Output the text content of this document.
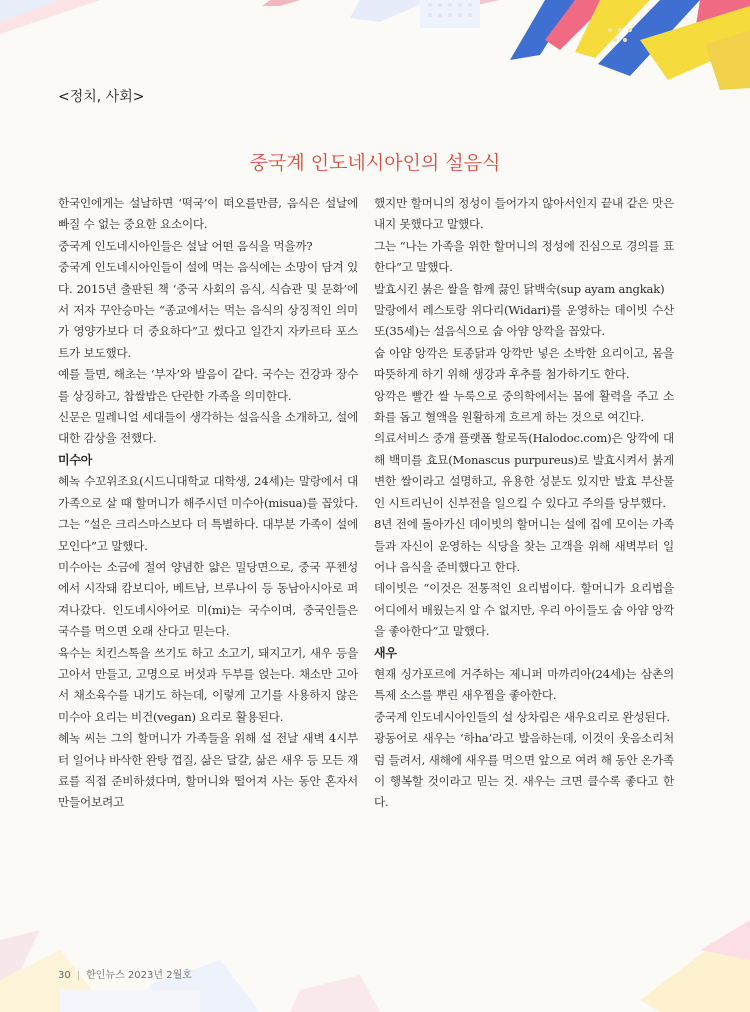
<정치, 사회>
중국계 인도네시아인의 설음식

한국인에게는 설날하면 ‘떡국’이 떠오를만큼, 음식은 설날에 빠질 수 없는 중요한 요소이다.

중국계 인도네시아인들은 설날 어떤 음식을 먹을까?

중국계 인도네시아인들이 설에 먹는 음식에는 소망이 담겨 있다. 2015년 출판된 책 ‘중국 사회의 음식, 식습관 및 문화’에서 저자 꾸안승마는 “종교에서는 먹는 음식의 상징적인 의미가 영양가보다 더 중요하다”고 썼다고 일간지 자카르타 포스트가 보도했다.

예를 들면, 해초는 ‘부자’와 발음이 같다. 국수는 건강과 장수를 상징하고, 찹쌀밥은 단란한 가족을 의미한다.

신문은 밀레니얼 세대들이 생각하는 설음식을 소개하고, 설에 대한 감상을 전했다.

미수아

혜녹 수꼬위조요(시드니대학교 대학생, 24세)는 말랑에서 대가족으로 살 때 할머니가 해주시던 미수아(misua)를 꼽았다. 그는 “설은 크리스마스보다 더 특별하다. 대부분 가족이 설에 모인다”고 말했다.

미수아는 소금에 절여 양념한 얇은 밀당면으로, 중국 푸첸성에서 시작돼 캄보디아, 베트남, 브루나이 등 동남아시아로 퍼져나갔다. 인도네시아어로 미(mi)는 국수이며, 중국인들은 국수를 먹으면 오래 산다고 믿는다.

육수는 치킨스톡을 쓰기도 하고 소고기, 돼지고기, 새우 등을 고아서 만들고, 고명으로 버섯과 두부를 얹는다. 채소만 고아서 채소육수를 내기도 하는데, 이렇게 고기를 사용하지 않은 미수아 요리는 비건(vegan) 요리로 활용된다.

혜녹 씨는 그의 할머니가 가족들을 위해 설 전날 새벽 4시부터 일어나 바삭한 완탕 껍질, 삶은 달걀, 삶은 새우 등 모든 재료를 직접 준비하셨다며, 할머니와 떨어져 사는 동안 혼자서 만들어보려고

했지만 할머니의 정성이 들어가지 않아서인지 끝내 같은 맛은 내지 못했다고 말했다.

그는 “나는 가족을 위한 할머니의 정성에 진심으로 경의를 표한다”고 말했다.

발효시킨 붉은 쌀을 함께 끓인 닭백숙(sup ayam angkak)

말랑에서 레스토랑 위다리(Widari)를 운영하는 데이빗 수산또(35세)는 설음식으로 숩 아얌 앙깍을 꼽았다.

숩 아얌 앙깍은 토종닭과 앙깍만 넣은 소박한 요리이고, 몸을 따뜻하게 하기 위해 생강과 후추를 첨가하기도 한다.

앙깍은 빨간 쌀 누룩으로 중의학에서는 몸에 활력을 주고 소화를 돕고 혈액을 원활하게 흐르게 하는 것으로 여긴다.

의료서비스 중개 플랫폼 할로독(Halodoc.com)은 앙깍에 대해 백미를 효묘(Monascus purpureus)로 발효시켜서 붉게 변한 쌀이라고 설명하고, 유용한 성분도 있지만 발효 부산물인 시트리닌이 신부전을 일으킬 수 있다고 주의를 당부했다.

8년 전에 돌아가신 데이빗의 할머니는 설에 집에 모이는 가족들과 자신이 운영하는 식당을 찾는 고객을 위해 새벽부터 일어나 음식을 준비했다고 한다.

데이빗은 “이것은 전통적인 요리법이다. 할머니가 요리법을 어디에서 배웠는지 알 수 없지만, 우리 아이들도 숩 아얌 앙깍을 좋아한다”고 말했다.

새우

현재 싱가포르에 거주하는 제니퍼 마까리아(24세)는 삼촌의 특제 소스를 뿌린 새우찜을 좋아한다.

중국계 인도네시아인들의 설 상차림은 새우요리로 완성된다.

광동어로 새우는 ‘하ha’라고 발음하는데, 이것이 웃음소리처럼 들려서, 새해에 새우를 먹으면 앞으로 여려 해 동안 온가족이 행복할 것이라고 믿는 것. 새우는 크면 클수록 좋다고 한다.

30 | 한인뉴스 2023년 2월호
